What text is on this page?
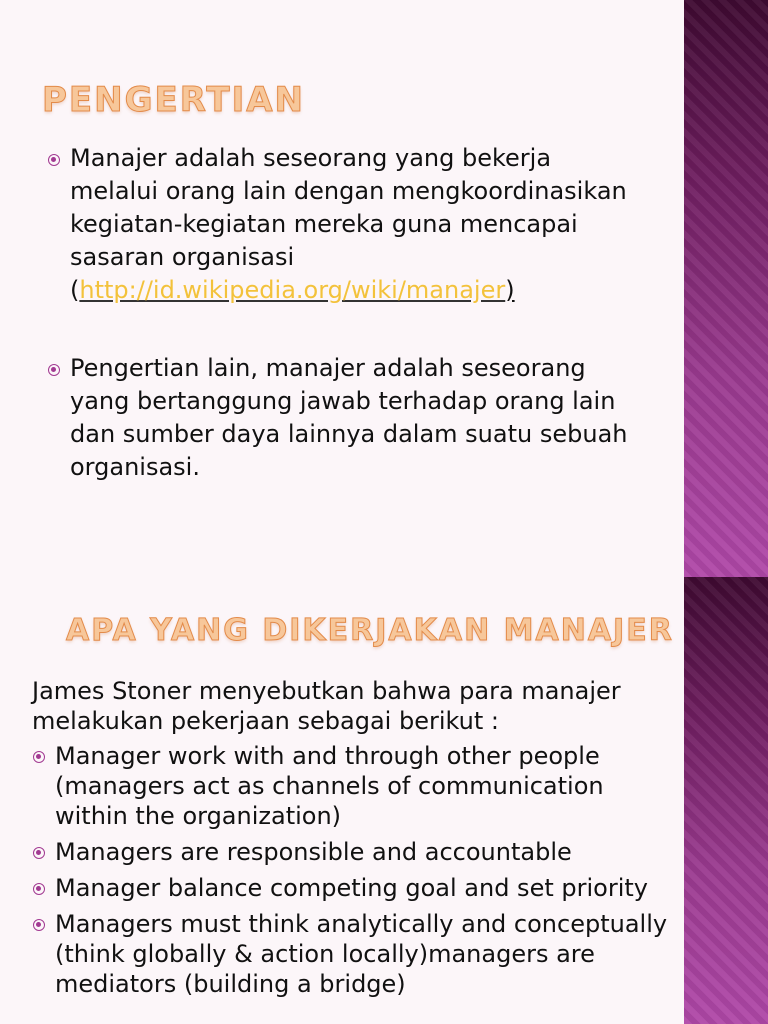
PENGERTIAN
Manajer adalah seseorang yang bekerja melalui orang lain dengan mengkoordinasikan kegiatan-kegiatan mereka guna mencapai sasaran organisasi (http://id.wikipedia.org/wiki/manajer)
Pengertian lain, manajer adalah seseorang yang bertanggung jawab terhadap orang lain dan sumber daya lainnya dalam suatu sebuah organisasi.
APA YANG DIKERJAKAN MANAJER
James Stoner menyebutkan bahwa para manajer melakukan pekerjaan sebagai berikut :
Manager work with and through other people (managers act as channels of communication within the organization)
Managers are responsible and accountable
Manager balance competing goal and set priority
Managers must think analytically and conceptually (think globally & action locally)managers are mediators (building a bridge)
